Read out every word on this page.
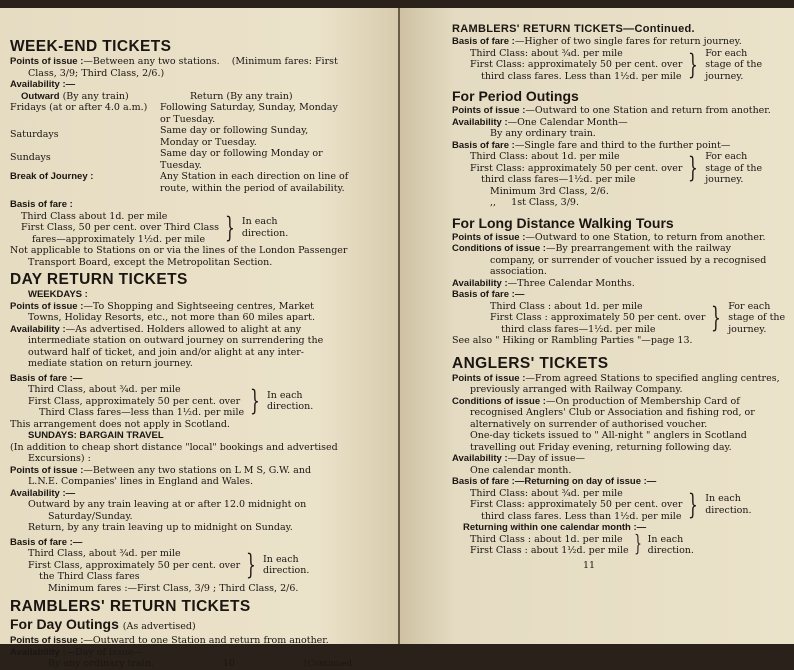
WEEK-END TICKETS

Points of issue :—Between any two stations. (Minimum fares: First

Class, 3/9; Third Class, 2/6.)

Availability :—

Outward (By any train)	Return (By any train)

Fridays (at or after 4.0 a.m.)	Following Saturday, Sunday, Monday

or Tuesday.

Saturdays	Same day or following Sunday,

Monday or Tuesday.

Sundays	Same day or following Monday or

Tuesday.

Break of Journey :	Any Station in each direction on line of

route, within the period of availability.

Basis of fare :

Third Class about 1d. per mile

First Class, 50 per cent. over Third Class

fares—approximately 1½d. per mile } In each

direction.

Not applicable to Stations on or via the lines of the London Passenger

Transport Board, except the Metropolitan Section.

DAY RETURN TICKETS

WEEKDAYS :

Points of issue :—To Shopping and Sightseeing centres, Market

Towns, Holiday Resorts, etc., not more than 60 miles apart.

Availability :—As advertised. Holders allowed to alight at any

intermediate station on outward journey on surrendering the

outward half of ticket, and join and/or alight at any inter-

mediate station on return journey.

Basis of fare :—

Third Class, about ¾d. per mile

First Class, approximately 50 per cent. over

Third Class fares—less than 1½d. per mile } In each

direction.

This arrangement does not apply in Scotland.

SUNDAYS: BARGAIN TRAVEL

(In addition to cheap short distance "local" bookings and advertised

Excursions) :

Points of issue :—Between any two stations on L M S, G.W. and

L.N.E. Companies' lines in England and Wales.

Availability :—

Outward by any train leaving at or after 12.0 midnight on

Saturday/Sunday.

Return, by any train leaving up to midnight on Sunday.

Basis of fare :—

Third Class, about ¾d. per mile

First Class, approximately 50 per cent. over

the Third Class fares	} In each

direction.

Minimum fares :—First Class, 3/9 ; Third Class, 2/6.

RAMBLERS' RETURN TICKETS

For Day Outings (As advertised)

Points of issue :—Outward to one Station and return from another.

Availability :—Day of issue—

By any ordinary train.	10	[Continued

RAMBLERS' RETURN TICKETS—Continued.

Basis of fare :—Higher of two single fares for return journey.

Third Class: about ¾d. per mile

First Class: approximately 50 per cent. over

third class fares. Less than 1½d. per mile } For each

stage of the

journey.

For Period Outings

Points of issue :—Outward to one Station and return from another.

Availability :—One Calendar Month—

By any ordinary train.

Basis of fare :—Single fare and third to the further point—

Third Class: about 1d. per mile

First Class: approximately 50 per cent. over

third class fares—1½d. per mile	} For each

stage of the

journey.

Minimum 3rd Class, 2/6.

,, 1st Class, 3/9.

For Long Distance Walking Tours

Points of issue :—Outward to one Station, to return from another.

Conditions of issue :—By prearrangement with the railway

company, or surrender of voucher issued by a recognised

association.

Availability :—Three Calendar Months.

Basis of fare :—

Third Class : about 1d. per mile

First Class : approximately 50 per cent. over

third class fares—1½d. per mile	} For each

stage of the

journey.

See also " Hiking or Rambling Parties "—page 13.

ANGLERS' TICKETS

Points of issue :—From agreed Stations to specified angling centres,

previously arranged with Railway Company.

Conditions of issue :—On production of Membership Card of

recognised Anglers' Club or Association and fishing rod, or

alternatively on surrender of authorised voucher.

One-day tickets issued to " All-night " anglers in Scotland

travelling out Friday evening, returning following day.

Availability :—Day of issue—

One calendar month.

Basis of fare :—Returning on day of issue :—

Third Class: about ¾d. per mile

First Class: approximately 50 per cent. over

third class fares. Less than 1½d. per mile } In each

direction.

Returning within one calendar month :—

Third Class : about 1d. per mile

First Class : about 1½d. per mile } In each

direction.

11
